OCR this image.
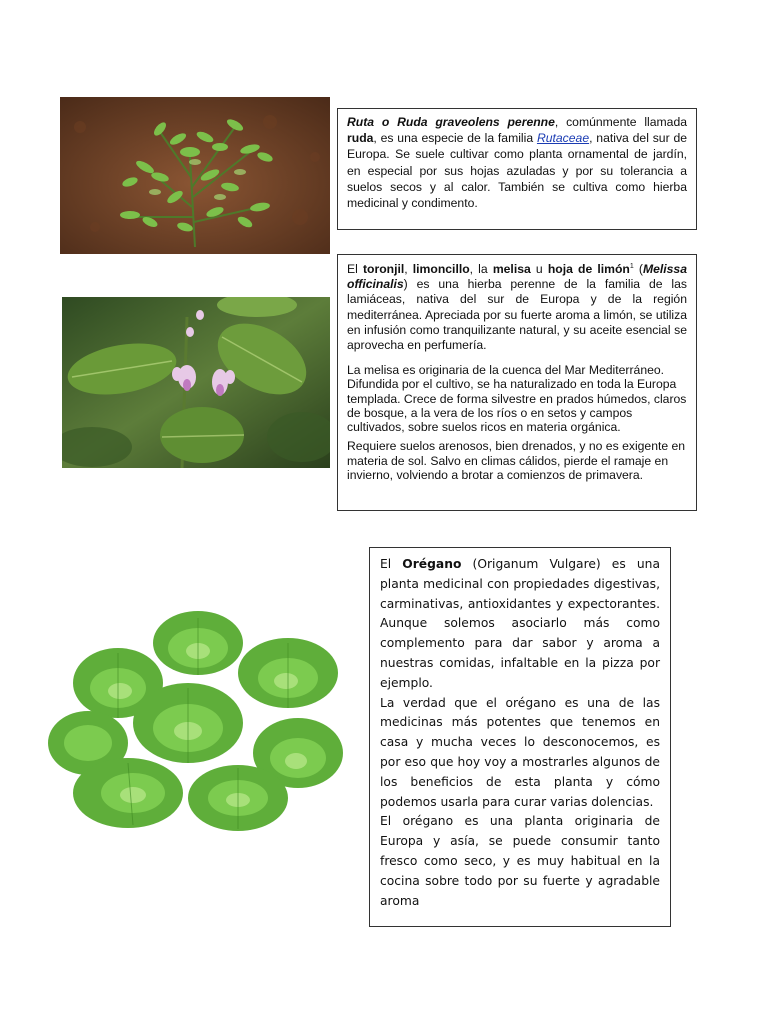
Ruta o Ruda graveolens perenne, comúnmente llamada ruda, es una especie de la familia Rutaceae, nativa del sur de Europa. Se suele cultivar como planta ornamental de jardín, en especial por sus hojas azuladas y por su tolerancia a suelos secos y al calor. También se cultiva como hierba medicinal y condimento.

El toronjil, limoncillo, la melisa u hoja de limón$^1$ (Melissa officinalis) es una hierba perenne de la familia de las lamiáceas, nativa del sur de Europa y de la región mediterránea. Apreciada por su fuerte aroma a limón, se utiliza en infusión como tranquilizante natural, y su aceite esencial se aprovecha en perfumería.

La melisa es originaria de la cuenca del Mar Mediterráneo. Difundida por el cultivo, se ha naturalizado en toda la Europa templada. Crece de forma silvestre en prados húmedos, claros de bosque, a la vera de los ríos o en setos y campos cultivados, sobre suelos ricos en materia orgánica.

Requiere suelos arenosos, bien drenados, y no es exigente en materia de sol. Salvo en climas cálidos, pierde el ramaje en invierno, volviendo a brotar a comienzos de primavera.

El Orégano (Origanum Vulgare) es una planta medicinal con propiedades digestivas, carminativas, antioxidantes y expectorantes. Aunque solemos asociarlo más como complemento para dar sabor y aroma a nuestras comidas, infaltable en la pizza por ejemplo.

La verdad que el orégano es una de las medicinas más potentes que tenemos en casa y mucha veces lo desconocemos, es por eso que hoy voy a mostrarles algunos de los beneficios de esta planta y cómo podemos usarla para curar varias dolencias.

El orégano es una planta originaria de Europa y asía, se puede consumir tanto fresco como seco, y es muy habitual en la cocina sobre todo por su fuerte y agradable aroma
